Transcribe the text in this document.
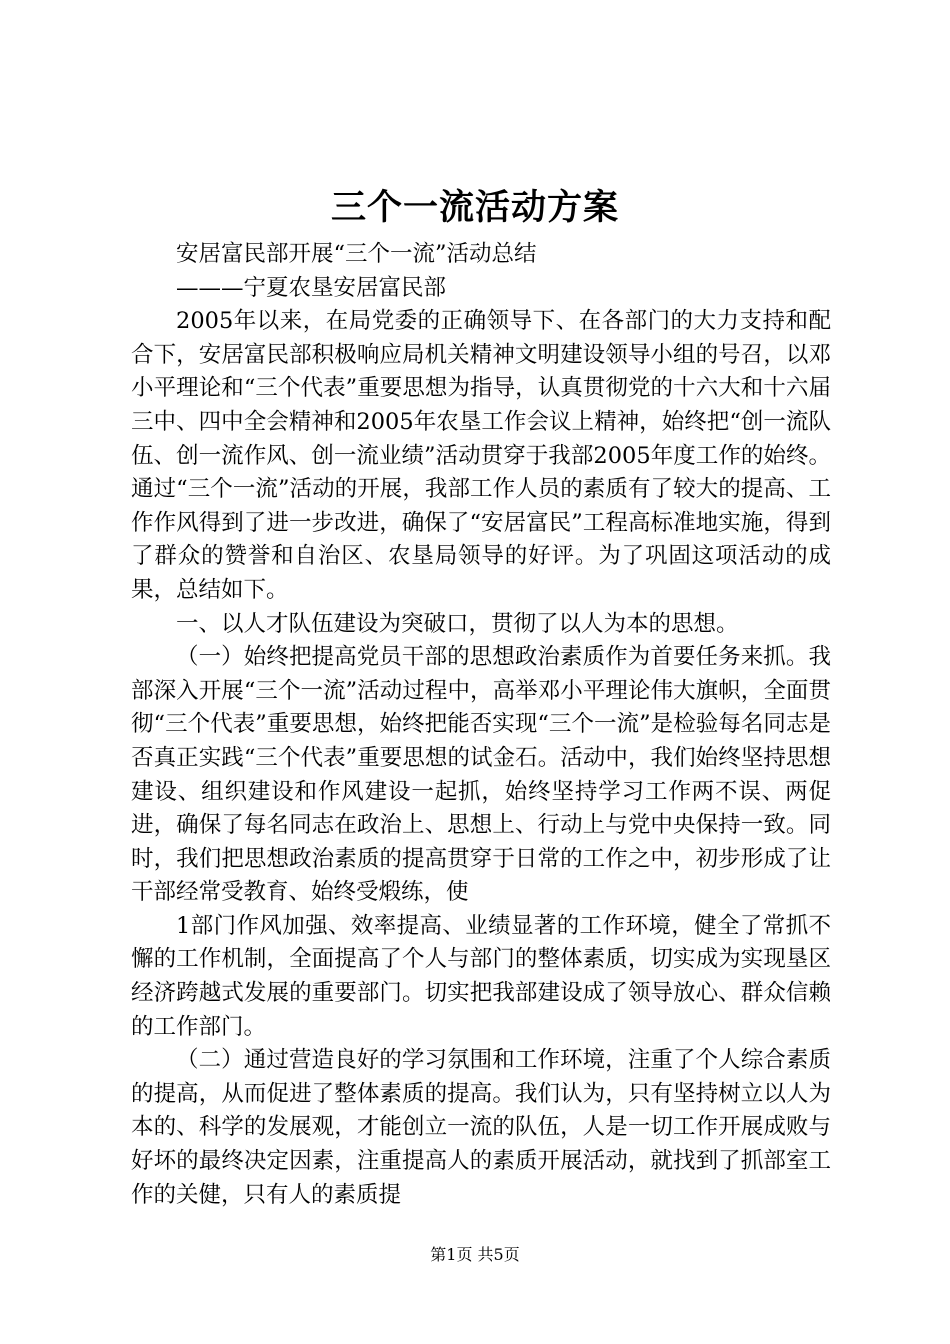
三个一流活动方案

安居富民部开展“三个一流”活动总结

———宁夏农垦安居富民部

2005年以来，在局党委的正确领导下、在各部门的大力支持和配合下，安居富民部积极响应局机关精神文明建设领导小组的号召，以邓小平理论和“三个代表”重要思想为指导，认真贯彻党的十六大和十六届三中、四中全会精神和2005年农垦工作会议上精神，始终把“创一流队伍、创一流作风、创一流业绩”活动贯穿于我部2005年度工作的始终。通过“三个一流”活动的开展，我部工作人员的素质有了较大的提高、工作作风得到了进一步改进，确保了“安居富民”工程高标准地实施，得到了群众的赞誉和自治区、农垦局领导的好评。为了巩固这项活动的成果，总结如下。

一、以人才队伍建设为突破口，贯彻了以人为本的思想。

（一）始终把提高党员干部的思想政治素质作为首要任务来抓。我部深入开展“三个一流”活动过程中，高举邓小平理论伟大旗帜，全面贯彻“三个代表”重要思想，始终把能否实现“三个一流”是检验每名同志是否真正实践“三个代表”重要思想的试金石。活动中，我们始终坚持思想建设、组织建设和作风建设一起抓，始终坚持学习工作两不误、两促进，确保了每名同志在政治上、思想上、行动上与党中央保持一致。同时，我们把思想政治素质的提高贯穿于日常的工作之中，初步形成了让干部经常受教育、始终受煅练，使

1部门作风加强、效率提高、业绩显著的工作环境，健全了常抓不懈的工作机制，全面提高了个人与部门的整体素质，切实成为实现垦区经济跨越式发展的重要部门。切实把我部建设成了领导放心、群众信赖的工作部门。

（二）通过营造良好的学习氛围和工作环境，注重了个人综合素质的提高，从而促进了整体素质的提高。我们认为，只有坚持树立以人为本的、科学的发展观，才能创立一流的队伍，人是一切工作开展成败与好坏的最终决定因素，注重提高人的素质开展活动，就找到了抓部室工作的关健，只有人的素质提

第1页 共5页
